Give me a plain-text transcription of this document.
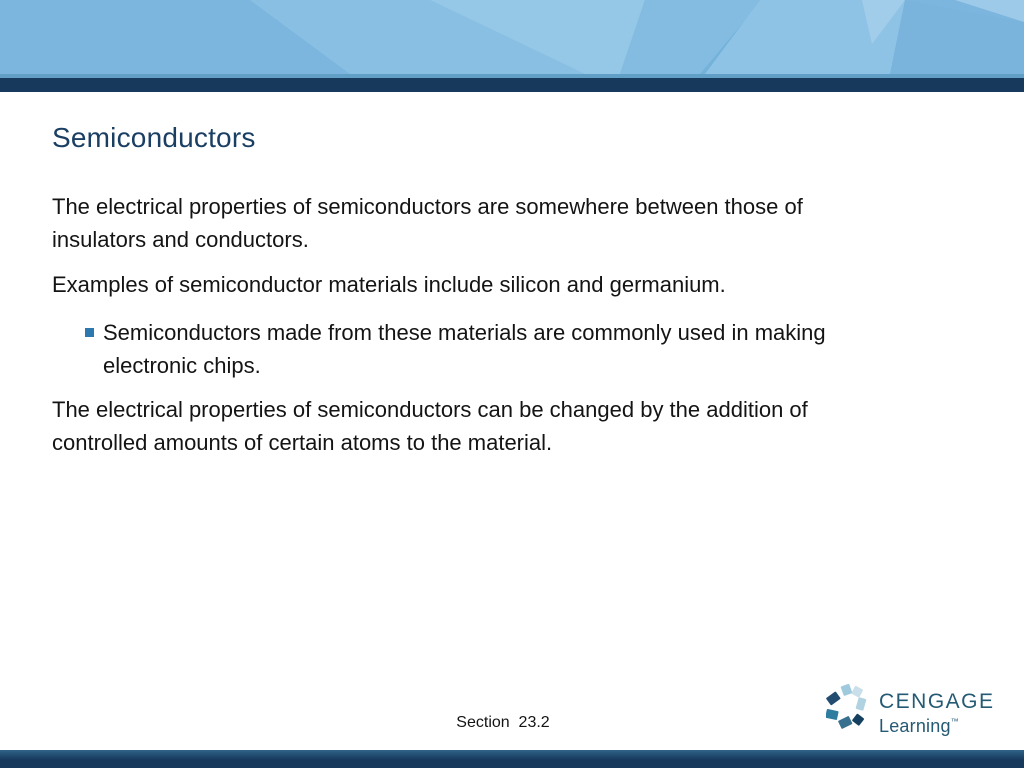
Semiconductors
The electrical properties of semiconductors are somewhere between those of
insulators and conductors.
Examples of semiconductor materials include silicon and germanium.
Semiconductors made from these materials are commonly used in making
electronic chips.
The electrical properties of semiconductors can be changed by the addition of
controlled amounts of certain atoms to the material.
Section  23.2
CENGAGE
Learning™
